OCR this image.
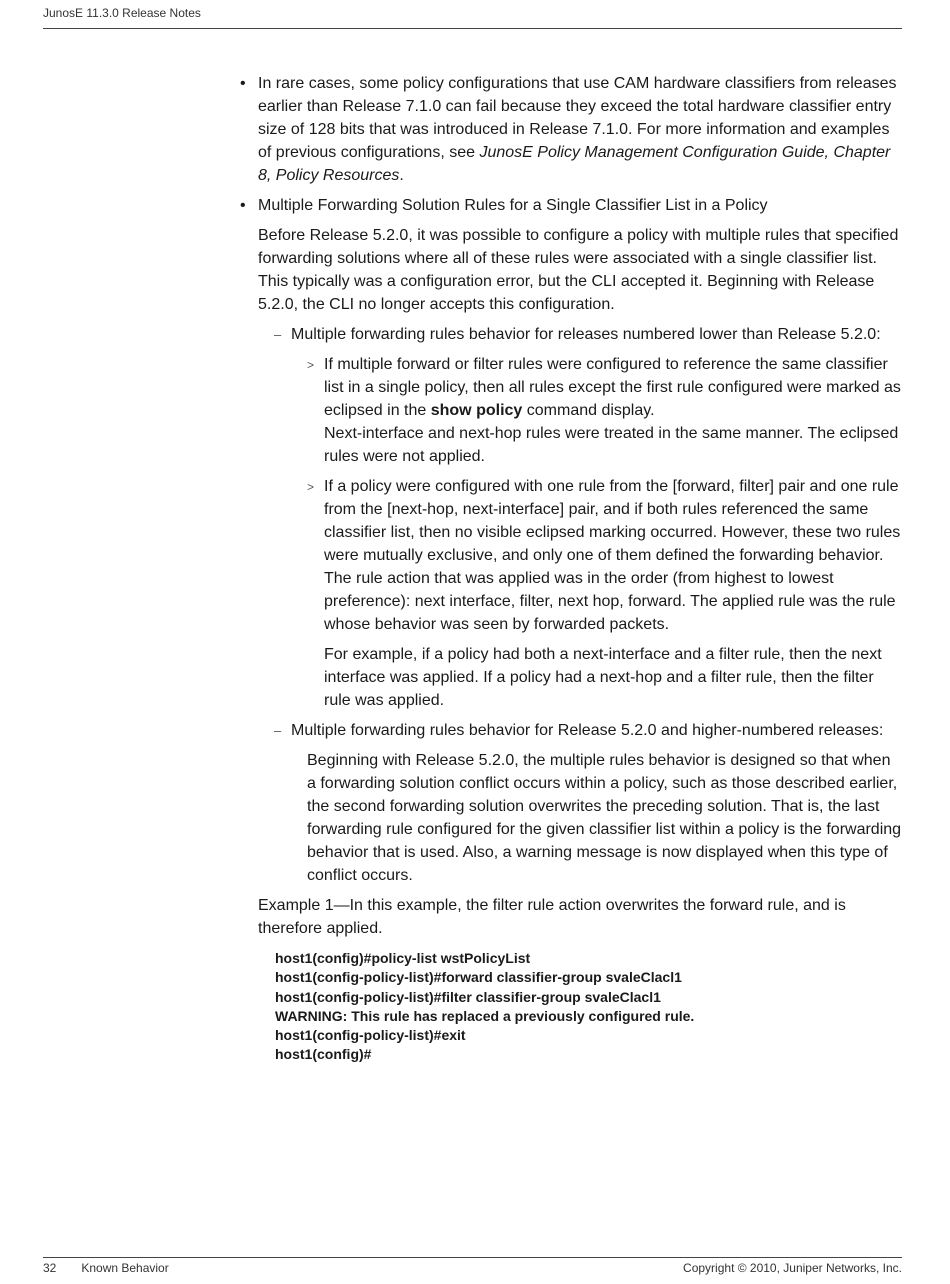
JunosE 11.3.0 Release Notes
• In rare cases, some policy configurations that use CAM hardware classifiers from releases earlier than Release 7.1.0 can fail because they exceed the total hardware classifier entry size of 128 bits that was introduced in Release 7.1.0. For more information and examples of previous configurations, see JunosE Policy Management Configuration Guide, Chapter 8, Policy Resources.

• Multiple Forwarding Solution Rules for a Single Classifier List in a Policy

Before Release 5.2.0, it was possible to configure a policy with multiple rules that specified forwarding solutions where all of these rules were associated with a single classifier list. This typically was a configuration error, but the CLI accepted it. Beginning with Release 5.2.0, the CLI no longer accepts this configuration.

– Multiple forwarding rules behavior for releases numbered lower than Release 5.2.0:

> If multiple forward or filter rules were configured to reference the same classifier list in a single policy, then all rules except the first rule configured were marked as eclipsed in the show policy command display.

Next-interface and next-hop rules were treated in the same manner. The eclipsed rules were not applied.

> If a policy were configured with one rule from the [forward, filter] pair and one rule from the [next-hop, next-interface] pair, and if both rules referenced the same classifier list, then no visible eclipsed marking occurred. However, these two rules were mutually exclusive, and only one of them defined the forwarding behavior. The rule action that was applied was in the order (from highest to lowest preference): next interface, filter, next hop, forward. The applied rule was the rule whose behavior was seen by forwarded packets.

For example, if a policy had both a next-interface and a filter rule, then the next interface was applied. If a policy had a next-hop and a filter rule, then the filter rule was applied.

– Multiple forwarding rules behavior for Release 5.2.0 and higher-numbered releases:

Beginning with Release 5.2.0, the multiple rules behavior is designed so that when a forwarding solution conflict occurs within a policy, such as those described earlier, the second forwarding solution overwrites the preceding solution. That is, the last forwarding rule configured for the given classifier list within a policy is the forwarding behavior that is used. Also, a warning message is now displayed when this type of conflict occurs.

Example 1—In this example, the filter rule action overwrites the forward rule, and is therefore applied.

host1(config)#policy-list wstPolicyList
host1(config-policy-list)#forward classifier-group svaleClacl1
host1(config-policy-list)#filter classifier-group svaleClacl1
WARNING: This rule has replaced a previously configured rule.
host1(config-policy-list)#exit
host1(config)#
32 Known Behavior	Copyright © 2010, Juniper Networks, Inc.
